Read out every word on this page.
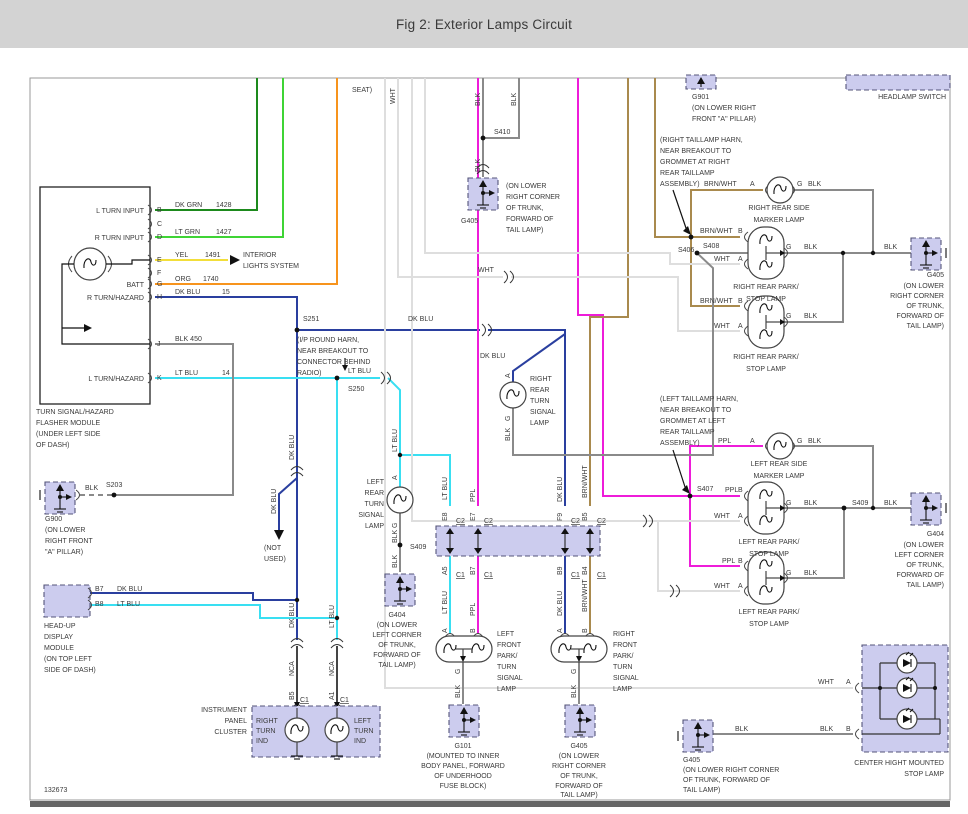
Fig 2: Exterior Lamps Circuit
SEAT)	WHT	BLK	BLK
S410
BLK
G405
(ON LOWER
RIGHT CORNER
OF TRUNK,
FORWARD OF
TAIL LAMP)
G901
(ON LOWER RIGHT
FRONT "A" PILLAR)
HEADLAMP SWITCH
(RIGHT TAILLAMP HARN,
NEAR BREAKOUT TO
GROMMET AT RIGHT
REAR TAILLAMP
ASSEMBLY) BRN/WHT A	G BLK
RIGHT REAR SIDE
MARKER LAMP
S406
BRN/WHT B
WHT A
S408	G BLK	BLK
RIGHT REAR PARK/
STOP LAMP
G405
(ON LOWER
RIGHT CORNER
OF TRUNK,
FORWARD OF
TAIL LAMP)
BRN/WHT B
WHT A
G BLK
RIGHT REAR PARK/
STOP LAMP
(LEFT TAILLAMP HARN,
NEAR BREAKOUT TO
GROMMET AT LEFT
REAR TAILLAMP
ASSEMBLY)	PPL	A	G BLK
LEFT REAR SIDE
MARKER LAMP
S407 PPL B
WHT A
G BLK	S409 BLK
LEFT REAR PARK/
STOP LAMP
G404
(ON LOWER
LEFT CORNER
OF TRUNK,
FORWARD OF
TAIL LAMP)
PPL B
WHT A
G BLK
LEFT REAR PARK/
STOP LAMP
WHT A
BLK	BLK B
CENTER HIGHT MOUNTED
STOP LAMP
G405
(ON LOWER RIGHT CORNER
OF TRUNK, FORWARD OF
TAIL LAMP)
L TURN INPUT
R TURN INPUT
BATT
R TURN/HAZARD
L TURN/HAZARD
B
C
D
E
F
G
H
J
K
DK GRN 1428
LT GRN 1427
YEL 1491
ORG 1740
DK BLU	15
BLK 450
LT BLU	14
INTERIOR
LIGHTS SYSTEM
TURN SIGNAL/HAZARD
FLASHER MODULE
(UNDER LEFT SIDE
OF DASH)
S251
(I/P ROUND HARN,
NEAR BREAKOUT TO
CONNECTOR BEHIND
RADIO)
DK BLU
LT BLU
S250
DK BLU
DK BLU
(NOT
USED)
BLK S203
G900
(ON LOWER
RIGHT FRONT
"A" PILLAR)
B7 DK BLU
B8 LT BLU
HEAD-UP
DISPLAY
MODULE
(ON TOP LEFT
SIDE OF DASH)
INSTRUMENT
PANEL
CLUSTER
RIGHT
TURN
IND
LEFT
TURN
IND
DK BLU	LT BLU
NCA	NCA
B5
C1
A1
C1
LEFT
REAR
TURN
SIGNAL
LAMP
LT BLU
A
G
BLK
S409
BLK
G404
(ON LOWER
LEFT CORNER
OF TRUNK,
FORWARD OF
TAIL LAMP)
DK BLU
RIGHT
REAR
TURN
SIGNAL
LAMP
A
G
BLK
WHT
LT BLU	PPL	DK BLU	BRN/WHT
E8
C2
E7
C2
F9
C2
B5
C2
A5
C1
B7
C1
B9
C1
B4
C1
LT BLU	PPL	DK BLU	BRN/WHT
A	B	A	B
LEFT
FRONT
PARK/
TURN
SIGNAL
LAMP
RIGHT
FRONT
PARK/
TURN
SIGNAL
LAMP
G
BLK
G
BLK
G101
(MOUNTED TO INNER
BODY PANEL, FORWARD
OF UNDERHOOD
FUSE BLOCK)
G405
(ON LOWER
RIGHT CORNER
OF TRUNK,
FORWARD OF
TAIL LAMP)
132673
